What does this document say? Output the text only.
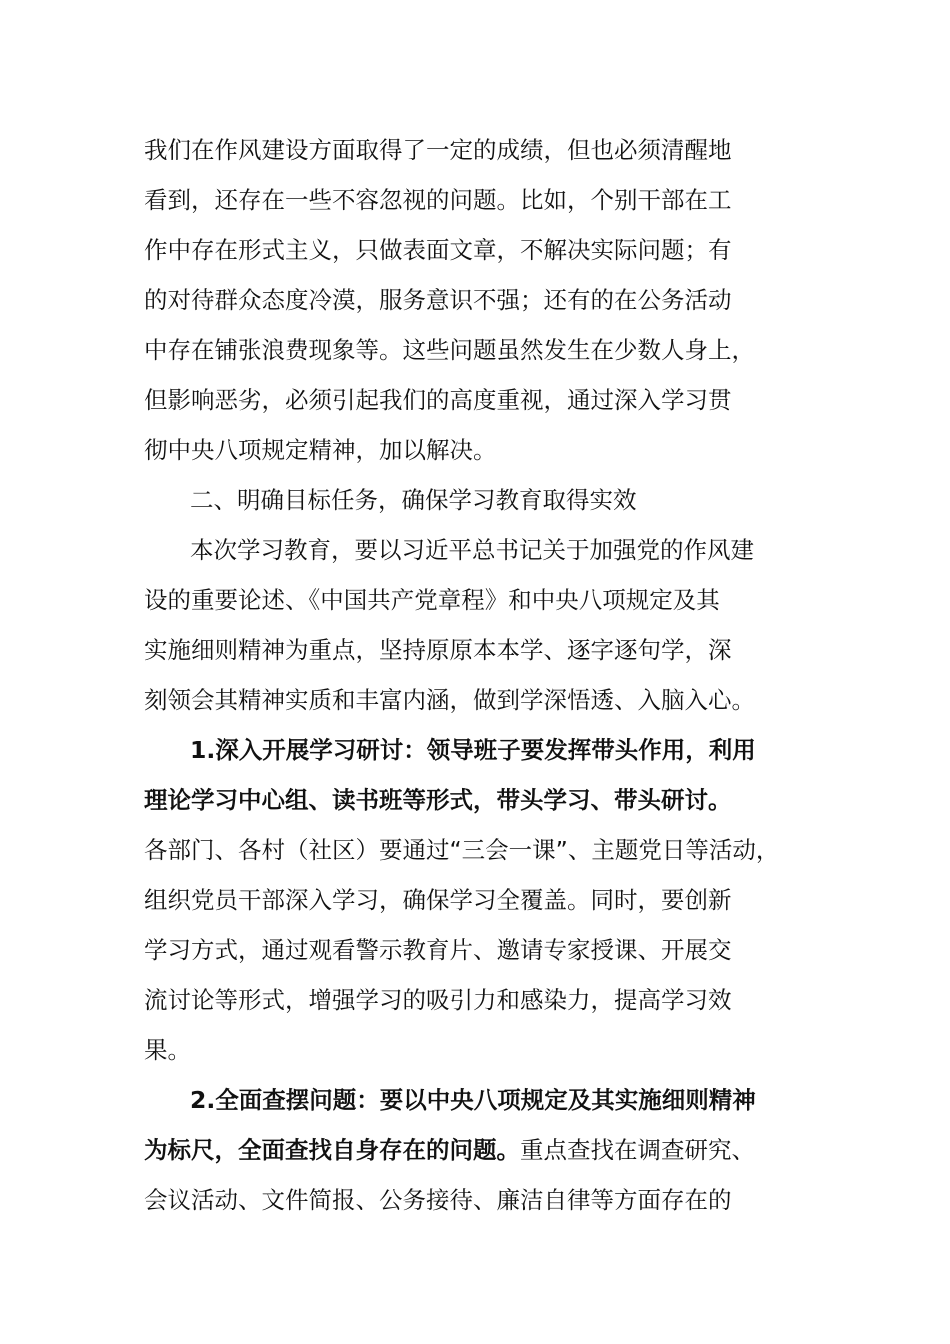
我们在作风建设方面取得了一定的成绩，但也必须清醒地
看到，还存在一些不容忽视的问题。比如，个别干部在工
作中存在形式主义，只做表面文章，不解决实际问题；有
的对待群众态度冷漠，服务意识不强；还有的在公务活动
中存在铺张浪费现象等。这些问题虽然发生在少数人身上，
但影响恶劣，必须引起我们的高度重视，通过深入学习贯
彻中央八项规定精神，加以解决。
二、明确目标任务，确保学习教育取得实效
本次学习教育，要以习近平总书记关于加强党的作风建
设的重要论述、《中国共产党章程》和中央八项规定及其
实施细则精神为重点，坚持原原本本学、逐字逐句学，深
刻领会其精神实质和丰富内涵，做到学深悟透、入脑入心。
1.深入开展学习研讨：领导班子要发挥带头作用，利用
理论学习中心组、读书班等形式，带头学习、带头研讨。
各部门、各村（社区）要通过“三会一课”、主题党日等活动，
组织党员干部深入学习，确保学习全覆盖。同时，要创新
学习方式，通过观看警示教育片、邀请专家授课、开展交
流讨论等形式，增强学习的吸引力和感染力，提高学习效
果。
2.全面查摆问题：要以中央八项规定及其实施细则精神
为标尺，全面查找自身存在的问题。重点查找在调查研究、
会议活动、文件简报、公务接待、廉洁自律等方面存在的
